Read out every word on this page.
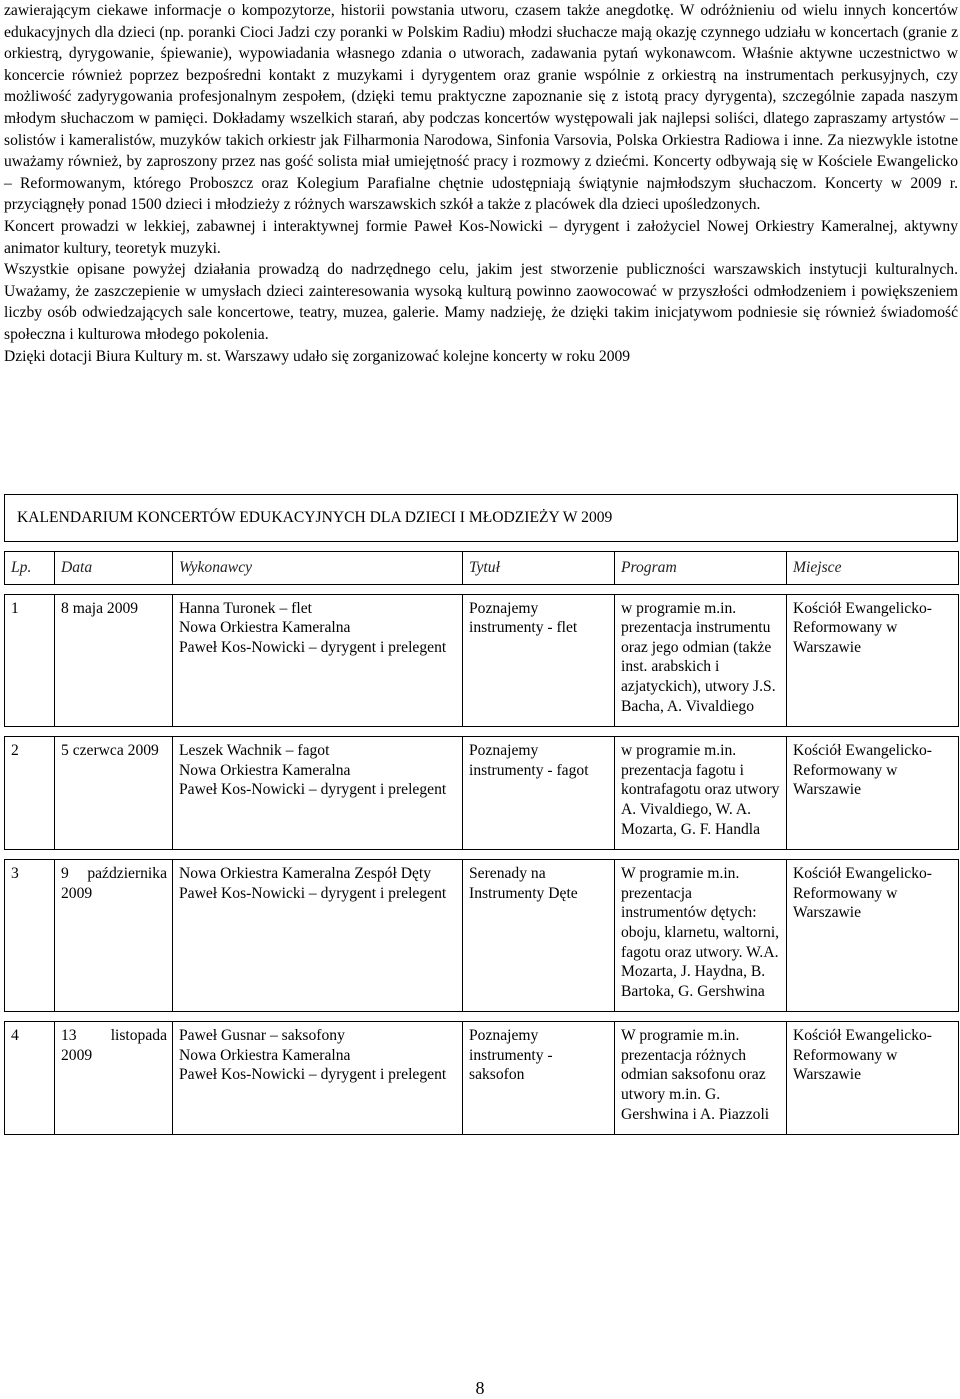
zawierającym ciekawe informacje o kompozytorze, historii powstania utworu, czasem także anegdotkę. W odróżnieniu od wielu innych koncertów edukacyjnych dla dzieci (np. poranki Cioci Jadzi czy poranki w Polskim Radiu) młodzi słuchacze mają okazję czynnego udziału w koncertach (granie z orkiestrą, dyrygowanie, śpiewanie), wypowiadania własnego zdania o utworach, zadawania pytań wykonawcom. Właśnie aktywne uczestnictwo w koncercie również poprzez bezpośredni kontakt z muzykami i dyrygentem oraz granie wspólnie z orkiestrą na instrumentach perkusyjnych, czy możliwość zadyrygowania profesjonalnym zespołem, (dzięki temu praktyczne zapoznanie się z istotą pracy dyrygenta), szczególnie zapada naszym młodym słuchaczom w pamięci. Dokładamy wszelkich starań, aby podczas koncertów występowali jak najlepsi soliści, dlatego zapraszamy artystów – solistów i kameralistów, muzyków takich orkiestr jak Filharmonia Narodowa, Sinfonia Varsovia, Polska Orkiestra Radiowa i inne. Za niezwykle istotne uważamy również, by zaproszony przez nas gość solista miał umiejętność pracy i rozmowy z dziećmi. Koncerty odbywają się w Kościele Ewangelicko – Reformowanym, którego Proboszcz oraz Kolegium Parafialne chętnie udostępniają świątynie najmłodszym słuchaczom. Koncerty w 2009 r. przyciągnęły ponad 1500 dzieci i młodzieży z różnych warszawskich szkół a także z placówek dla dzieci upośledzonych.

Koncert prowadzi w lekkiej, zabawnej i interaktywnej formie Paweł Kos-Nowicki – dyrygent i założyciel Nowej Orkiestry Kameralnej, aktywny animator kultury, teoretyk muzyki.

Wszystkie opisane powyżej działania prowadzą do nadrzędnego celu, jakim jest stworzenie publiczności warszawskich instytucji kulturalnych. Uważamy, że zaszczepienie w umysłach dzieci zainteresowania wysoką kulturą powinno zaowocować w przyszłości odmłodzeniem i powiększeniem liczby osób odwiedzających sale koncertowe, teatry, muzea, galerie. Mamy nadzieję, że dzięki takim inicjatywom podniesie się również świadomość społeczna i kulturowa młodego pokolenia.

Dzięki dotacji Biura Kultury m. st. Warszawy udało się zorganizować kolejne koncerty w roku 2009

KALENDARIUM KONCERTÓW EDUKACYJNYCH DLA DZIECI I MŁODZIEŻY W 2009
Lp.	Data	Wykonawcy	Tytuł	Program	Miejsce

1	8 maja 2009	Hanna Turonek – flet
Nowa Orkiestra Kameralna
Paweł Kos-Nowicki – dyrygent i prelegent	Poznajemy instrumenty - flet	w programie m.in. prezentacja instrumentu oraz jego odmian (także inst. arabskich i azjatyckich), utwory J.S. Bacha, A. Vivaldiego	Kościół Ewangelicko-Reformowany w Warszawie

2	5 czerwca 2009	Leszek Wachnik – fagot
Nowa Orkiestra Kameralna
Paweł Kos-Nowicki – dyrygent i prelegent	Poznajemy instrumenty - fagot	w programie m.in. prezentacja fagotu i kontrafagotu oraz utwory A. Vivaldiego, W. A. Mozarta, G. F. Handla	Kościół Ewangelicko-Reformowany w Warszawie

3	9 października 2009	Nowa Orkiestra Kameralna Zespół Dęty
Paweł Kos-Nowicki – dyrygent i prelegent	Serenady na Instrumenty Dęte	W programie m.in. prezentacja instrumentów dętych: oboju, klarnetu, waltorni, fagotu oraz utwory. W.A. Mozarta, J. Haydna, B. Bartoka, G. Gershwina	Kościół Ewangelicko-Reformowany w Warszawie

4	13 listopada 2009	Paweł Gusnar – saksofony
Nowa Orkiestra Kameralna
Paweł Kos-Nowicki – dyrygent i prelegent	Poznajemy instrumenty - saksofon	W programie m.in. prezentacja różnych odmian saksofonu oraz utwory m.in. G. Gershwina i A. Piazzoli	Kościół Ewangelicko-Reformowany w Warszawie
8
